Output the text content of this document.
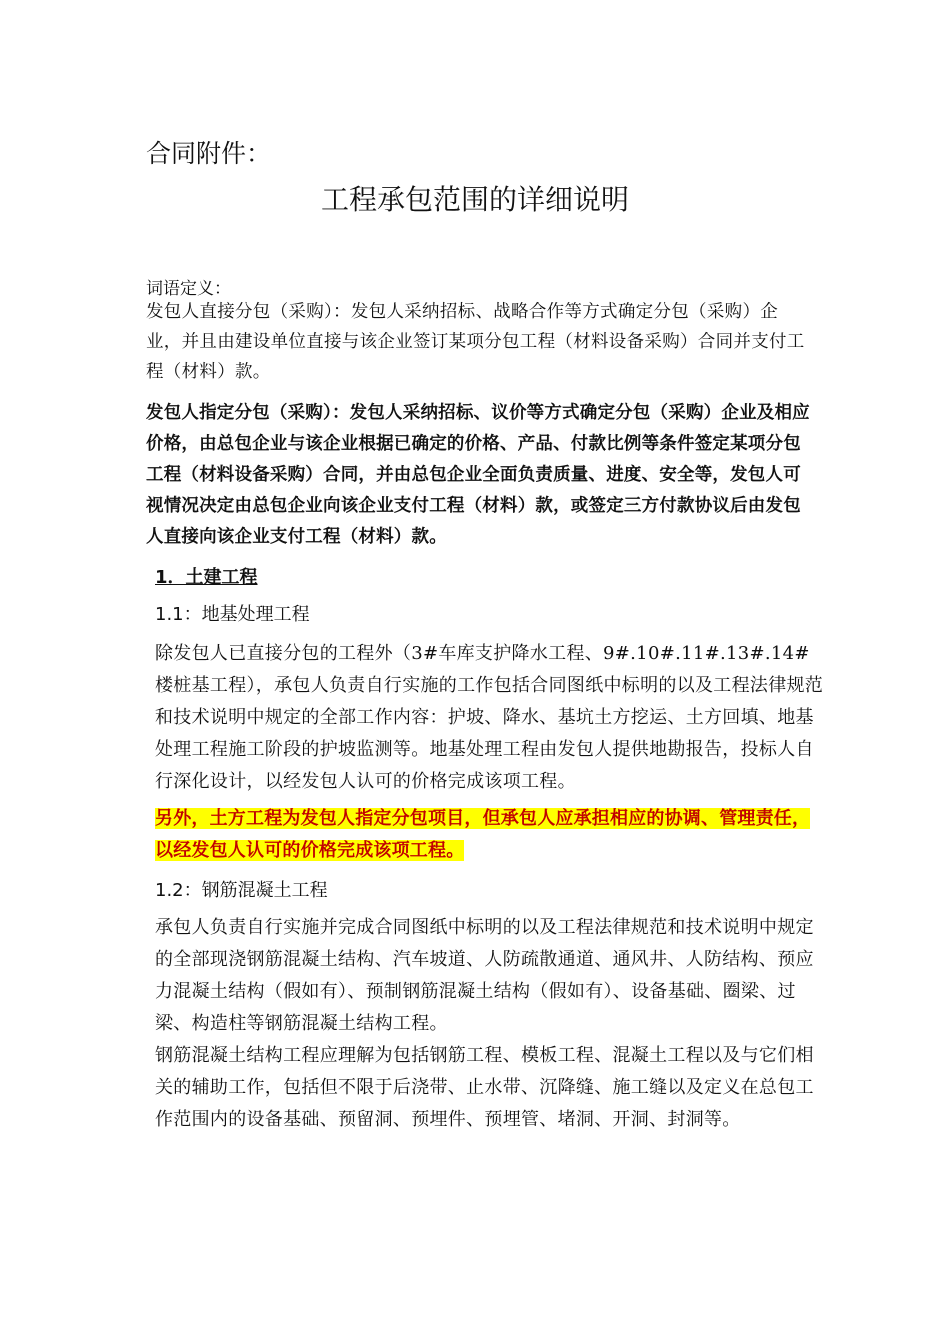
合同附件：
工程承包范围的详细说明
词语定义：
发包人直接分包（采购）：发包人采纳招标、战略合作等方式确定分包（采购）企业，并且由建设单位直接与该企业签订某项分包工程（材料设备采购）合同并支付工程（材料）款。
发包人指定分包（采购）：发包人采纳招标、议价等方式确定分包（采购）企业及相应价格，由总包企业与该企业根据已确定的价格、产品、付款比例等条件签定某项分包工程（材料设备采购）合同，并由总包企业全面负责质量、进度、安全等，发包人可视情况决定由总包企业向该企业支付工程（材料）款，或签定三方付款协议后由发包人直接向该企业支付工程（材料）款。
1．土建工程
1.1：地基处理工程
除发包人已直接分包的工程外（3#车库支护降水工程、9#.10#.11#.13#.14#楼桩基工程），承包人负责自行实施的工作包括合同图纸中标明的以及工程法律规范和技术说明中规定的全部工作内容：护坡、降水、基坑土方挖运、土方回填、地基处理工程施工阶段的护坡监测等。地基处理工程由发包人提供地勘报告，投标人自行深化设计，以经发包人认可的价格完成该项工程。
另外，土方工程为发包人指定分包项目，但承包人应承担相应的协调、管理责任，以经发包人认可的价格完成该项工程。
1.2：钢筋混凝土工程
承包人负责自行实施并完成合同图纸中标明的以及工程法律规范和技术说明中规定的全部现浇钢筋混凝土结构、汽车坡道、人防疏散通道、通风井、人防结构、预应力混凝土结构（假如有）、预制钢筋混凝土结构（假如有）、设备基础、圈梁、过梁、构造柱等钢筋混凝土结构工程。
钢筋混凝土结构工程应理解为包括钢筋工程、模板工程、混凝土工程以及与它们相关的辅助工作，包括但不限于后浇带、止水带、沉降缝、施工缝以及定义在总包工作范围内的设备基础、预留洞、预埋件、预埋管、堵洞、开洞、封洞等。
